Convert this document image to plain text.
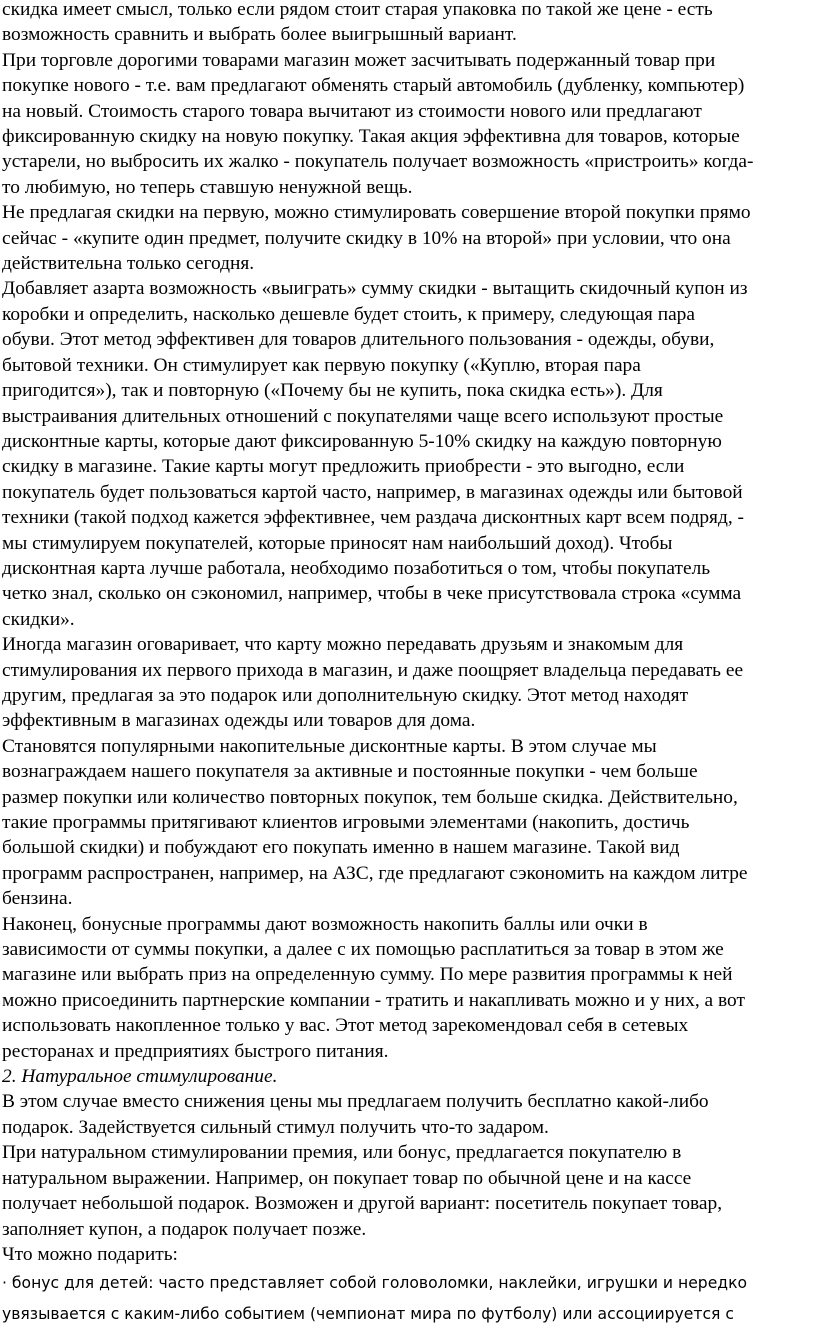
скидка имеет смысл, только если рядом стоит старая упаковка по такой же цене - есть
возможность сравнить и выбрать более выигрышный вариант.
При торговле дорогими товарами магазин может засчитывать подержанный товар при
покупке нового - т.е. вам предлагают обменять старый автомобиль (дубленку, компьютер)
на новый. Стоимость старого товара вычитают из стоимости нового или предлагают
фиксированную скидку на новую покупку. Такая акция эффективна для товаров, которые
устарели, но выбросить их жалко - покупатель получает возможность «пристроить» когда-
то любимую, но теперь ставшую ненужной вещь.
Не предлагая скидки на первую, можно стимулировать совершение второй покупки прямо
сейчас - «купите один предмет, получите скидку в 10% на второй» при условии, что она
действительна только сегодня.
Добавляет азарта возможность «выиграть» сумму скидки - вытащить скидочный купон из
коробки и определить, насколько дешевле будет стоить, к примеру, следующая пара
обуви. Этот метод эффективен для товаров длительного пользования - одежды, обуви,
бытовой техники. Он стимулирует как первую покупку («Куплю, вторая пара
пригодится»), так и повторную («Почему бы не купить, пока скидка есть»). Для
выстраивания длительных отношений с покупателями чаще всего используют простые
дисконтные карты, которые дают фиксированную 5-10% скидку на каждую повторную
скидку в магазине. Такие карты могут предложить приобрести - это выгодно, если
покупатель будет пользоваться картой часто, например, в магазинах одежды или бытовой
техники (такой подход кажется эффективнее, чем раздача дисконтных карт всем подряд, -
мы стимулируем покупателей, которые приносят нам наибольший доход). Чтобы
дисконтная карта лучше работала, необходимо позаботиться о том, чтобы покупатель
четко знал, сколько он сэкономил, например, чтобы в чеке присутствовала строка «сумма
скидки».
Иногда магазин оговаривает, что карту можно передавать друзьям и знакомым для
стимулирования их первого прихода в магазин, и даже поощряет владельца передавать ее
другим, предлагая за это подарок или дополнительную скидку. Этот метод находят
эффективным в магазинах одежды или товаров для дома.
Становятся популярными накопительные дисконтные карты. В этом случае мы
вознаграждаем нашего покупателя за активные и постоянные покупки - чем больше
размер покупки или количество повторных покупок, тем больше скидка. Действительно,
такие программы притягивают клиентов игровыми элементами (накопить, достичь
большой скидки) и побуждают его покупать именно в нашем магазине. Такой вид
программ распространен, например, на АЗС, где предлагают сэкономить на каждом литре
бензина.
Наконец, бонусные программы дают возможность накопить баллы или очки в
зависимости от суммы покупки, а далее с их помощью расплатиться за товар в этом же
магазине или выбрать приз на определенную сумму. По мере развития программы к ней
можно присоединить партнерские компании - тратить и накапливать можно и у них, а вот
использовать накопленное только у вас. Этот метод зарекомендовал себя в сетевых
ресторанах и предприятиях быстрого питания.
2. Натуральное стимулирование.
В этом случае вместо снижения цены мы предлагаем получить бесплатно какой-либо
подарок. Задействуется сильный стимул получить что-то задаром.
При натуральном стимулировании премия, или бонус, предлагается покупателю в
натуральном выражении. Например, он покупает товар по обычной цене и на кассе
получает небольшой подарок. Возможен и другой вариант: посетитель покупает товар,
заполняет купон, а подарок получает позже.
Что можно подарить:
· бонус для детей: часто представляет собой головоломки, наклейки, игрушки и нередко
увязывается с каким-либо событием (чемпионат мира по футболу) или ассоциируется с
